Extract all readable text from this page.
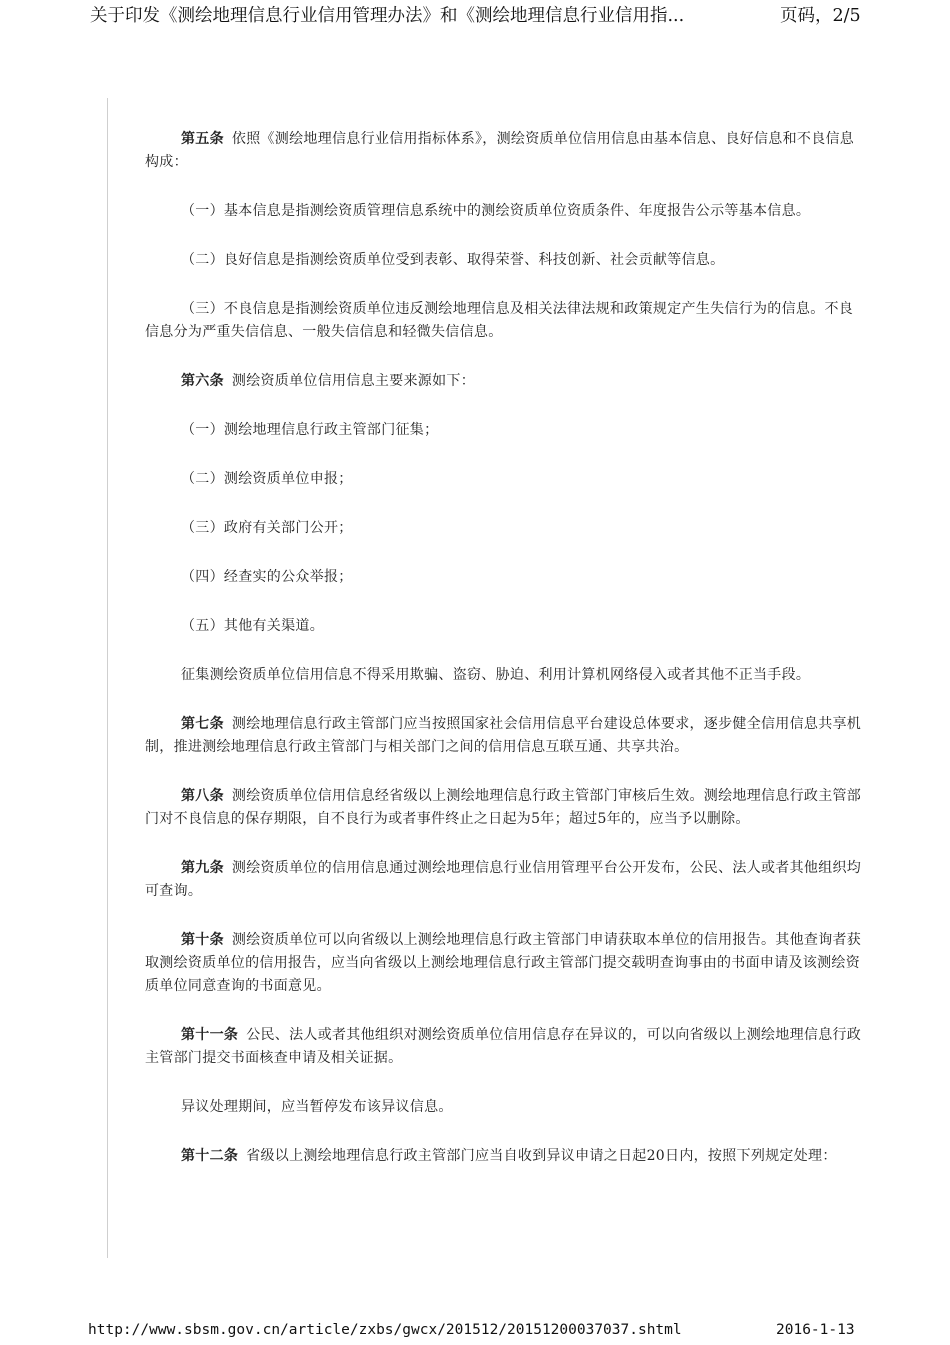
关于印发《测绘地理信息行业信用管理办法》和《测绘地理信息行业信用指...	页码，2/5

第五条 依照《测绘地理信息行业信用指标体系》，测绘资质单位信用信息由基本信息、良好信息和不良信息构成：

（一）基本信息是指测绘资质管理信息系统中的测绘资质单位资质条件、年度报告公示等基本信息。

（二）良好信息是指测绘资质单位受到表彰、取得荣誉、科技创新、社会贡献等信息。

（三）不良信息是指测绘资质单位违反测绘地理信息及相关法律法规和政策规定产生失信行为的信息。不良信息分为严重失信信息、一般失信信息和轻微失信信息。

第六条 测绘资质单位信用信息主要来源如下：

（一）测绘地理信息行政主管部门征集；

（二）测绘资质单位申报；

（三）政府有关部门公开；

（四）经查实的公众举报；

（五）其他有关渠道。

征集测绘资质单位信用信息不得采用欺骗、盗窃、胁迫、利用计算机网络侵入或者其他不正当手段。

第七条 测绘地理信息行政主管部门应当按照国家社会信用信息平台建设总体要求，逐步健全信用信息共享机制，推进测绘地理信息行政主管部门与相关部门之间的信用信息互联互通、共享共治。

第八条 测绘资质单位信用信息经省级以上测绘地理信息行政主管部门审核后生效。测绘地理信息行政主管部门对不良信息的保存期限，自不良行为或者事件终止之日起为5年；超过5年的，应当予以删除。

第九条 测绘资质单位的信用信息通过测绘地理信息行业信用管理平台公开发布，公民、法人或者其他组织均可查询。

第十条 测绘资质单位可以向省级以上测绘地理信息行政主管部门申请获取本单位的信用报告。其他查询者获取测绘资质单位的信用报告，应当向省级以上测绘地理信息行政主管部门提交载明查询事由的书面申请及该测绘资质单位同意查询的书面意见。

第十一条 公民、法人或者其他组织对测绘资质单位信用信息存在异议的，可以向省级以上测绘地理信息行政主管部门提交书面核查申请及相关证据。

异议处理期间，应当暂停发布该异议信息。

第十二条 省级以上测绘地理信息行政主管部门应当自收到异议申请之日起20日内，按照下列规定处理：

http://www.sbsm.gov.cn/article/zxbs/gwcx/201512/20151200037037.shtml	2016-1-13
